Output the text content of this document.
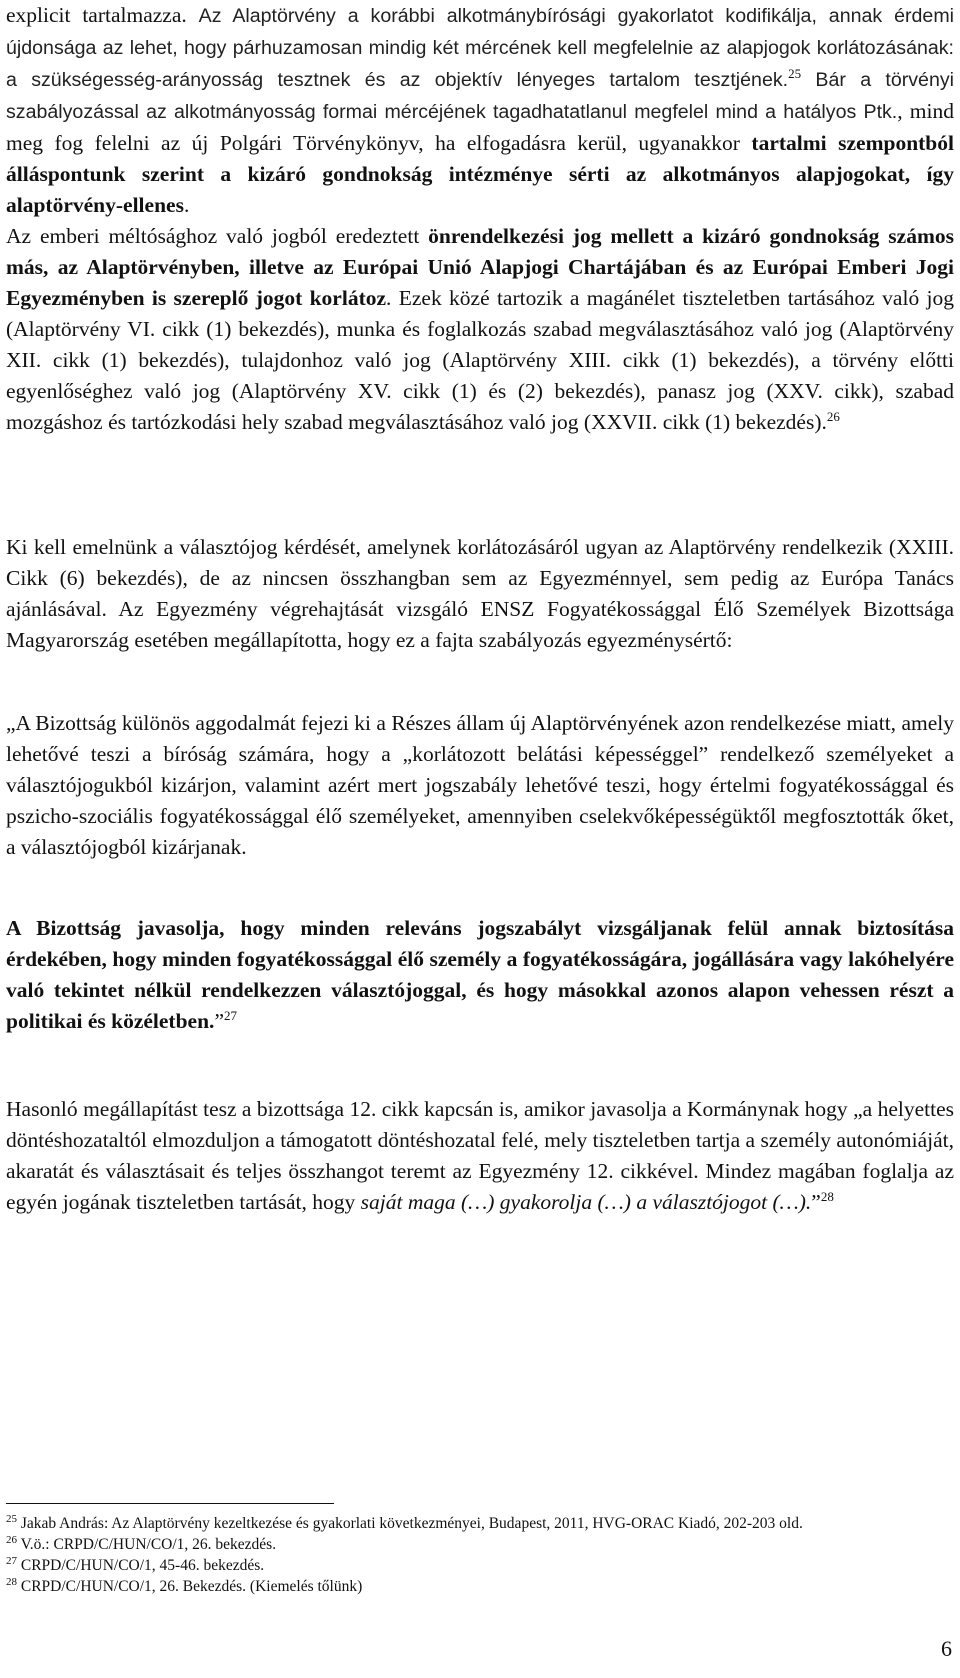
explicit tartalmazza. Az Alaptörvény a korábbi alkotmánybírósági gyakorlatot kodifikálja, annak érdemi újdonsága az lehet, hogy párhuzamosan mindig két mércének kell megfelelnie az alapjogok korlátozásának: a szükségesség-arányosság tesztnek és az objektív lényeges tartalom tesztjének.$^{25}$ Bár a törvényi szabályozással az alkotmányosság formai mércéjének tagadhatatlanul megfelel mind a hatályos Ptk., mind meg fog felelni az új Polgári Törvénykönyv, ha elfogadásra kerül, ugyanakkor tartalmi szempontból álláspontunk szerint a kizáró gondnokság intézménye sérti az alkotmányos alapjogokat, így alaptörvény-ellenes.
Az emberi méltósághoz való jogból eredeztett önrendelkezési jog mellett a kizáró gondnokság számos más, az Alaptörvényben, illetve az Európai Unió Alapjogi Chartájában és az Európai Emberi Jogi Egyezményben is szereplő jogot korlátoz. Ezek közé tartozik a magánélet tiszteletben tartásához való jog (Alaptörvény VI. cikk (1) bekezdés), munka és foglalkozás szabad megválasztásához való jog (Alaptörvény XII. cikk (1) bekezdés), tulajdonhoz való jog (Alaptörvény XIII. cikk (1) bekezdés), a törvény előtti egyenlőséghez való jog (Alaptörvény XV. cikk (1) és (2) bekezdés), panasz jog (XXV. cikk), szabad mozgáshoz és tartózkodási hely szabad megválasztásához való jog (XXVII. cikk (1) bekezdés).$^{26}$

Ki kell emelnünk a választójog kérdését, amelynek korlátozásáról ugyan az Alaptörvény rendelkezik (XXIII. Cikk (6) bekezdés), de az nincsen összhangban sem az Egyezménnyel, sem pedig az Európa Tanács ajánlásával. Az Egyezmény végrehajtását vizsgáló ENSZ Fogyatékossággal Élő Személyek Bizottsága Magyarország esetében megállapította, hogy ez a fajta szabályozás egyezménysértő:

„A Bizottság különös aggodalmát fejezi ki a Részes állam új Alaptörvényének azon rendelkezése miatt, amely lehetővé teszi a bíróság számára, hogy a „korlátozott belátási képességgel” rendelkező személyeket a választójogukból kizárjon, valamint azért mert jogszabály lehetővé teszi, hogy értelmi fogyatékossággal és pszicho-szociális fogyatékossággal élő személyeket, amennyiben cselekvőképességüktől megfosztották őket, a választójogból kizárjanak.

A Bizottság javasolja, hogy minden releváns jogszabályt vizsgáljanak felül annak biztosítása érdekében, hogy minden fogyatékossággal élő személy a fogyatékosságára, jogállására vagy lakóhelyére való tekintet nélkül rendelkezzen választójoggal, és hogy másokkal azonos alapon vehessen részt a politikai és közéletben.”$^{27}$

Hasonló megállapítást tesz a bizottsága 12. cikk kapcsán is, amikor javasolja a Kormánynak hogy „a helyettes döntéshozataltól elmozduljon a támogatott döntéshozatal felé, mely tiszteletben tartja a személy autonómiáját, akaratát és választásait és teljes összhangot teremt az Egyezmény 12. cikkével. Mindez magában foglalja az egyén jogának tiszteletben tartását, hogy saját maga (…) gyakorolja (…) a választójogot (…).”$^{28}$

$^{25}$ Jakab András: Az Alaptörvény kezeltkezése és gyakorlati következményei, Budapest, 2011, HVG-ORAC Kiadó, 202-203 old.

$^{26}$ V.ö.: CRPD/C/HUN/CO/1, 26. bekezdés.

$^{27}$ CRPD/C/HUN/CO/1, 45-46. bekezdés.

$^{28}$ CRPD/C/HUN/CO/1, 26. Bekezdés. (Kiemelés tőlünk)

6
